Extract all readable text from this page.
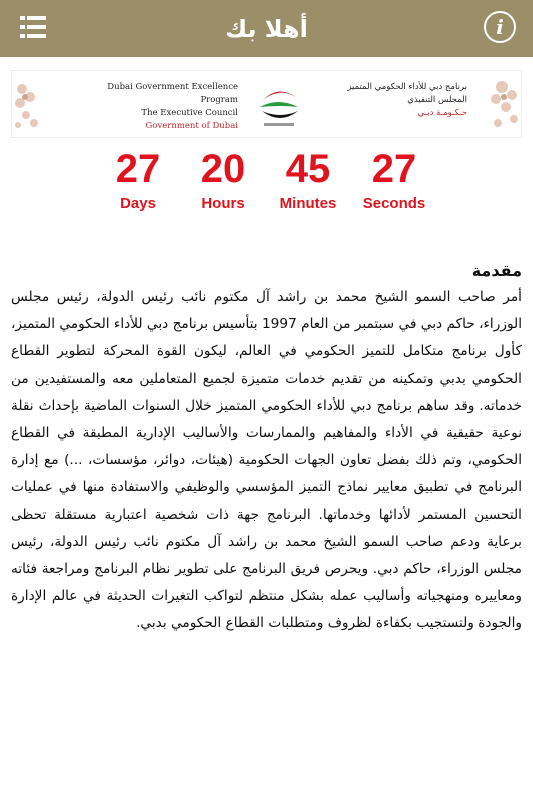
أهلا بك	i
Dubai Government Excellence Program
The Executive Council
Government of Dubai
برنامج دبي للأداء الحكومي المتميز
المجلس التنفيذي
حـكـومـة دبـي
27
Days
20
Hours
45
Minutes
27
Seconds
مقدمة
أمر صاحب السمو الشيخ محمد بن راشد آل مكتوم نائب رئيس الدولة، رئيس مجلس الوزراء، حاكم دبي في سبتمبر من العام 1997 بتأسيس برنامج دبي للأداء الحكومي المتميز، كأول برنامج متكامل للتميز الحكومي في العالم، ليكون القوة المحركة لتطوير القطاع الحكومي بدبي وتمكينه من تقديم خدمات متميزة لجميع المتعاملين معه والمستفيدين من خدماته. وقد ساهم برنامج دبي للأداء الحكومي المتميز خلال السنوات الماضية بإحداث نقلة نوعية حقيقية في الأداء والمفاهيم والممارسات والأساليب الإدارية المطبقة في القطاع الحكومي، وتم ذلك بفضل تعاون الجهات الحكومية (هيئات، دوائر، مؤسسات، ...) مع إدارة البرنامج في تطبيق معايير نماذج التميز المؤسسي والوظيفي والاستفادة منها في عمليات التحسين المستمر لأدائها وخدماتها. البرنامج جهة ذات شخصية اعتبارية مستقلة تحظى برعاية ودعم صاحب السمو الشيخ محمد بن راشد آل مكتوم نائب رئيس الدولة، رئيس مجلس الوزراء، حاكم دبي. ويحرص فريق البرنامج على تطوير نظام البرنامج ومراجعة فئاته ومعاييره ومنهجياته وأساليب عمله بشكل منتظم لتواكب التغيرات الحديثة في عالم الإدارة والجودة ولتستجيب بكفاءة لظروف ومتطلبات القطاع الحكومي بدبي.
